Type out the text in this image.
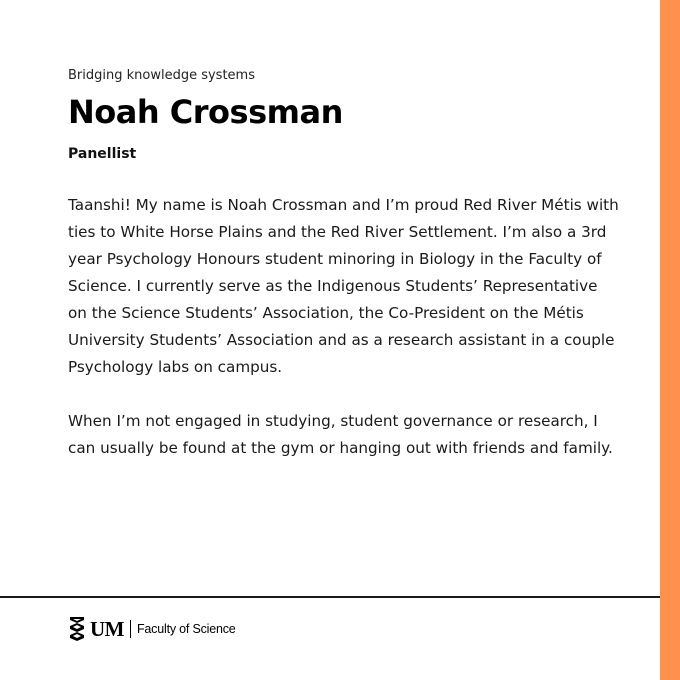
Bridging knowledge systems
Noah Crossman
Panellist

Taanshi! My name is Noah Crossman and I’m proud Red River Métis with ties to White Horse Plains and the Red River Settlement. I’m also a 3rd year Psychology Honours student minoring in Biology in the Faculty of Science. I currently serve as the Indigenous Students’ Representative on the Science Students’ Association, the Co-President on the Métis University Students’ Association and as a research assistant in a couple Psychology labs on campus.

When I’m not engaged in studying, student governance or research, I can usually be found at the gym or hanging out with friends and family.

UM Faculty of Science
